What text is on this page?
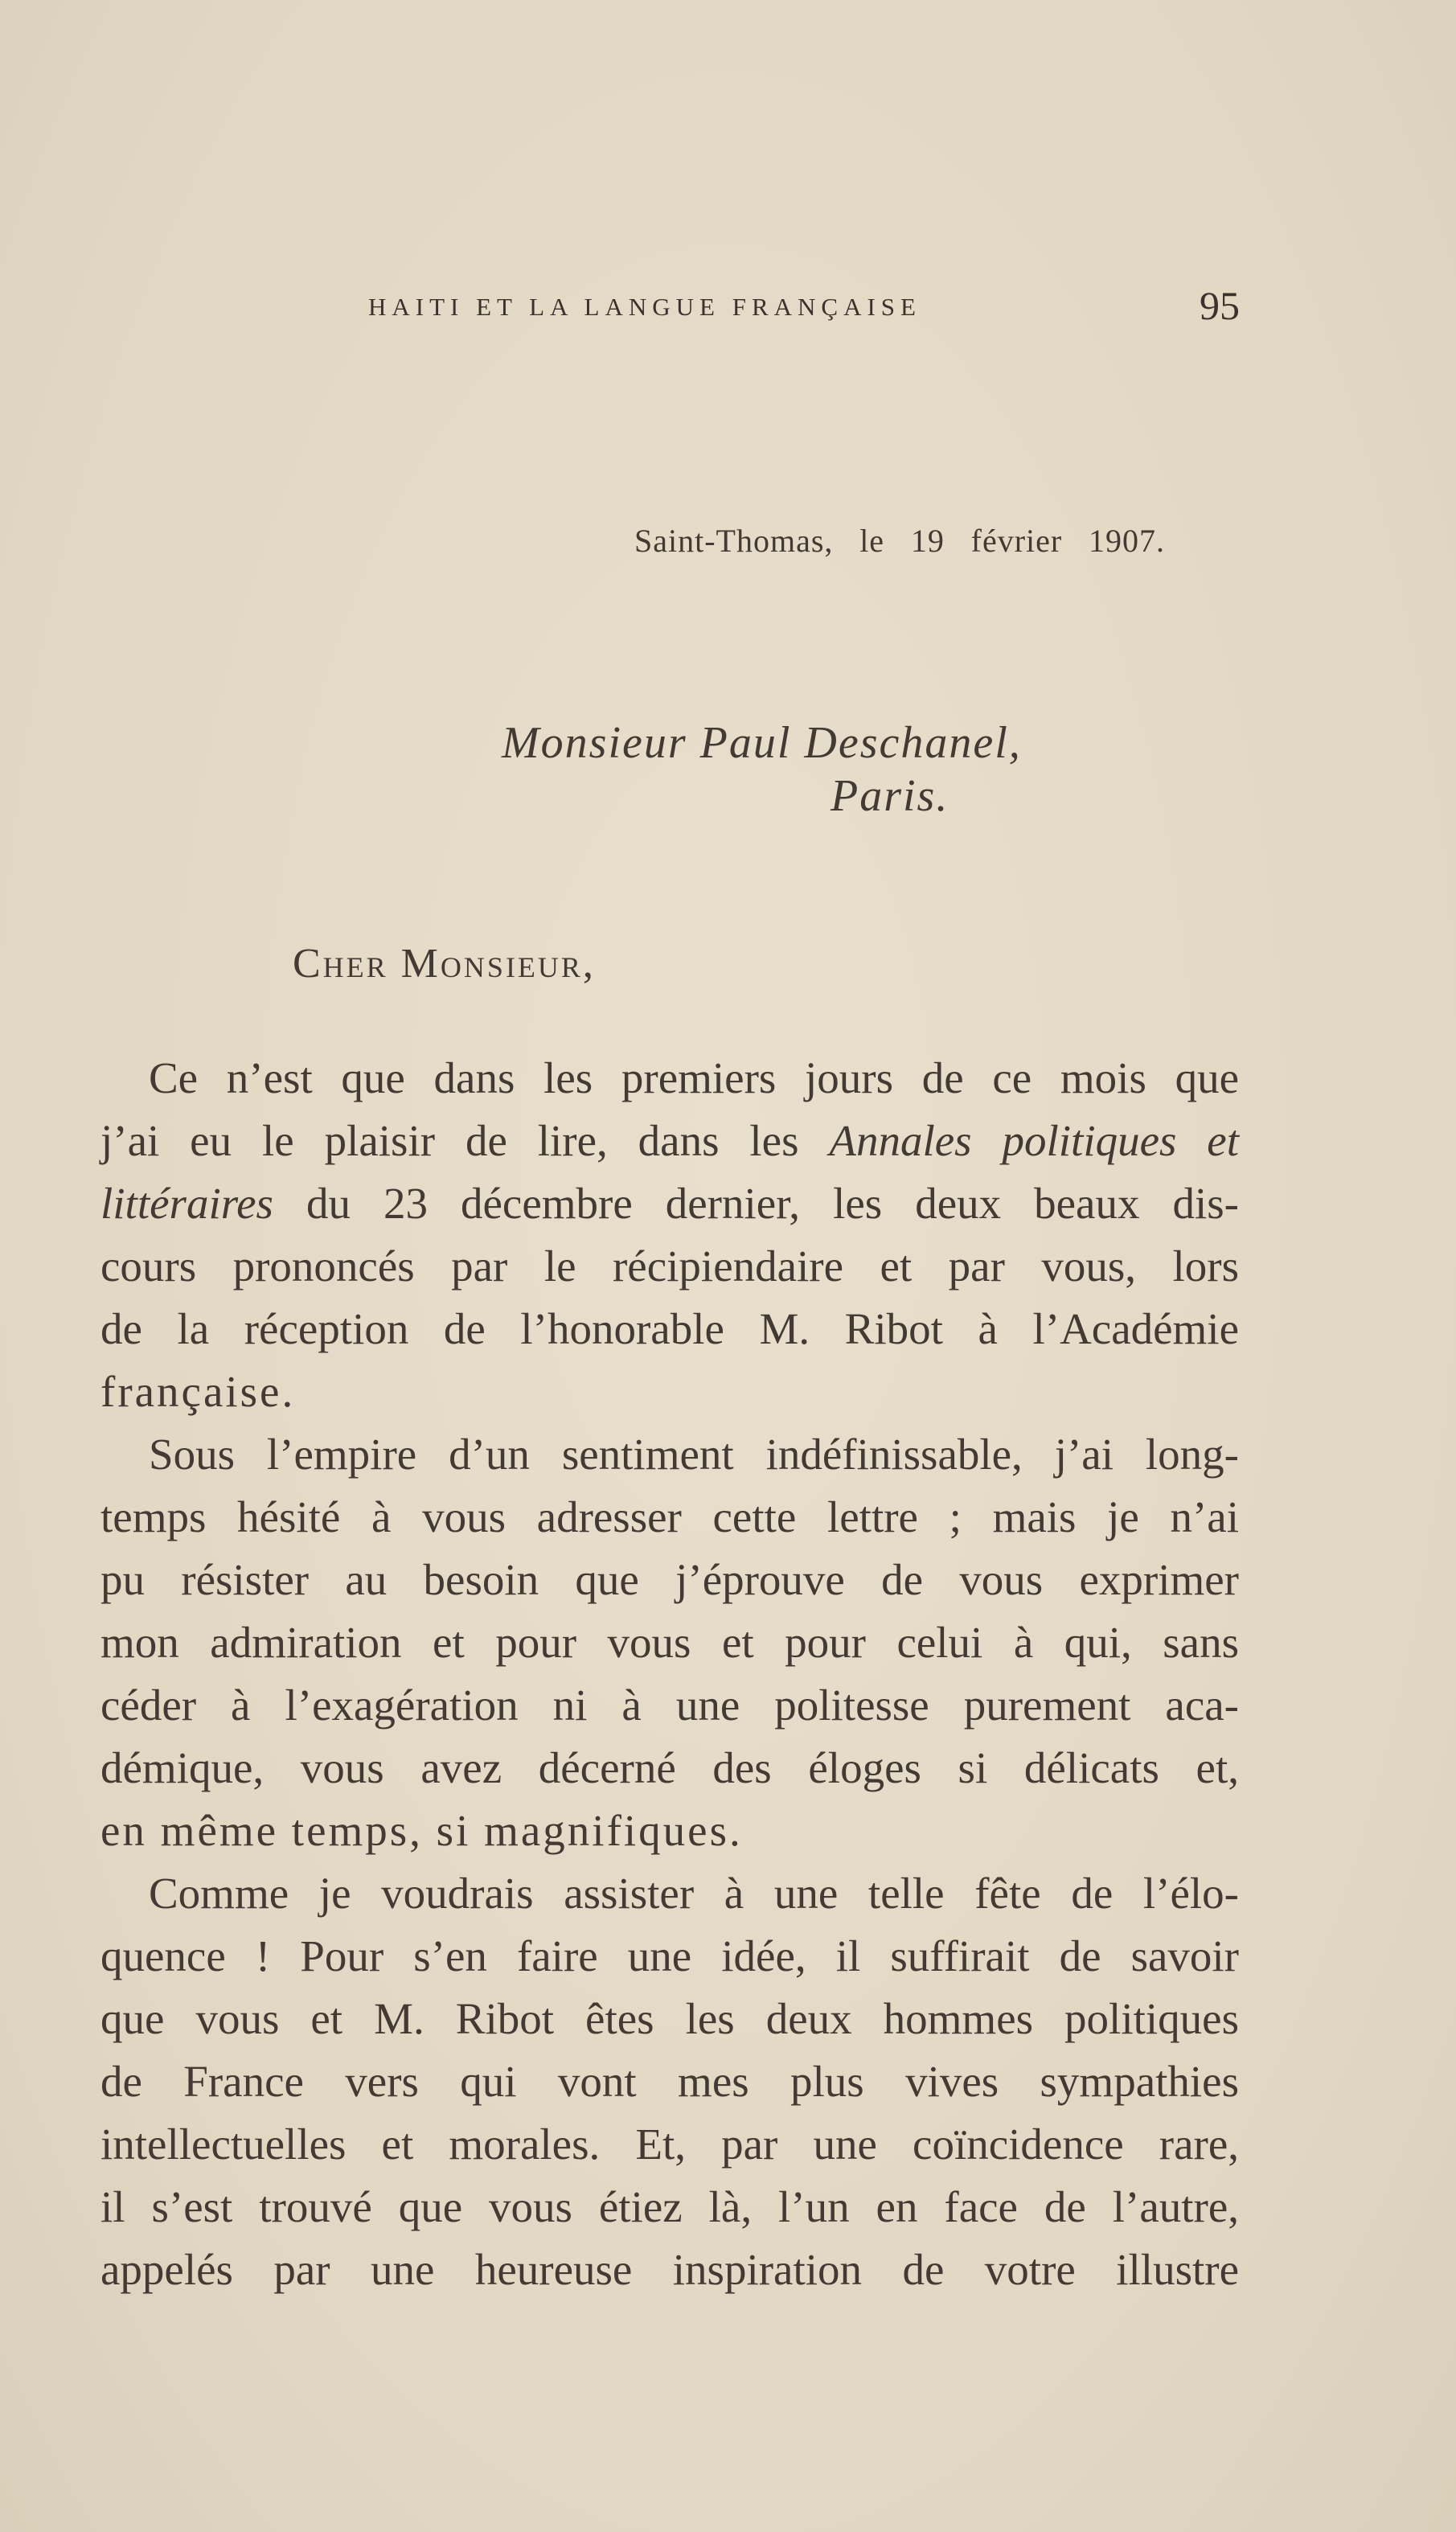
HAITI ET LA LANGUE FRANÇAISE	95
Saint-Thomas, le 19 février 1907.
Monsieur Paul Deschanel,
Paris.
Cher Monsieur,
Ce n’est que dans les premiers jours de ce mois que
j’ai eu le plaisir de lire, dans les Annales politiques et
littéraires du 23 décembre dernier, les deux beaux dis-
cours prononcés par le récipiendaire et par vous, lors
de la réception de l’honorable M. Ribot à l’Académie
française.
Sous l’empire d’un sentiment indéfinissable, j’ai long-
temps hésité à vous adresser cette lettre ; mais je n’ai
pu résister au besoin que j’éprouve de vous exprimer
mon admiration et pour vous et pour celui à qui, sans
céder à l’exagération ni à une politesse purement aca-
démique, vous avez décerné des éloges si délicats et,
en même temps, si magnifiques.
Comme je voudrais assister à une telle fête de l’élo-
quence ! Pour s’en faire une idée, il suffirait de savoir
que vous et M. Ribot êtes les deux hommes politiques
de France vers qui vont mes plus vives sympathies
intellectuelles et morales. Et, par une coïncidence rare,
il s’est trouvé que vous étiez là, l’un en face de l’autre,
appelés par une heureuse inspiration de votre illustre
